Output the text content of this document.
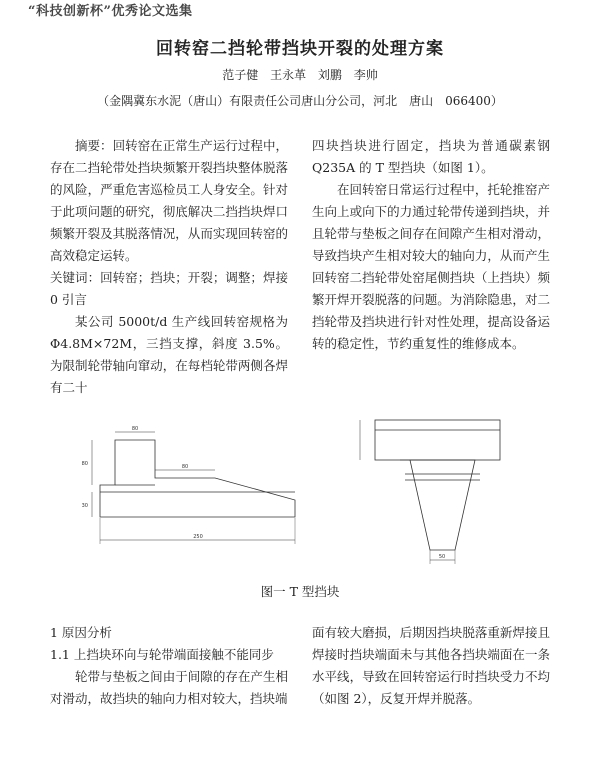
“科技创新杯”优秀论文选集
回转窑二挡轮带挡块开裂的处理方案
范子健 王永革 刘鹏 李帅
（金隅冀东水泥（唐山）有限责任公司唐山分公司，河北　唐山　066400）

摘要：回转窑在正常生产运行过程中，存在二挡轮带处挡块频繁开裂挡块整体脱落的风险，严重危害巡检员工人身安全。针对于此项问题的研究，彻底解决二挡挡块焊口频繁开裂及其脱落情况，从而实现回转窑的高效稳定运转。

关键词：回转窑；挡块；开裂；调整；焊接 0 引言

某公司 5000t/d 生产线回转窑规格为 Φ4.8M×72M，三挡支撑，斜度 3.5%。为限制轮带轴向窜动，在每档轮带两侧各焊有二十

四块挡块进行固定，挡块为普通碳素钢 Q235A 的 T 型挡块（如图 1）。

在回转窑日常运行过程中，托轮推窑产生向上或向下的力通过轮带传递到挡块，并且轮带与垫板之间存在间隙产生相对滑动，导致挡块产生相对较大的轴向力，从而产生回转窑二挡轮带处窑尾侧挡块（上挡块）频繁开焊开裂脱落的问题。为消除隐患，对二挡轮带及挡块进行针对性处理，提高设备运转的稳定性，节约重复性的维修成本。

80
80
250
80
30
50
图一 T 型挡块

1 原因分析

1.1 上挡块环向与轮带端面接触不能同步

轮带与垫板之间由于间隙的存在产生相对滑动，故挡块的轴向力相对较大，挡块端

面有较大磨损，后期因挡块脱落重新焊接且焊接时挡块端面未与其他各挡块端面在一条水平线，导致在回转窑运行时挡块受力不均（如图 2），反复开焊并脱落。
